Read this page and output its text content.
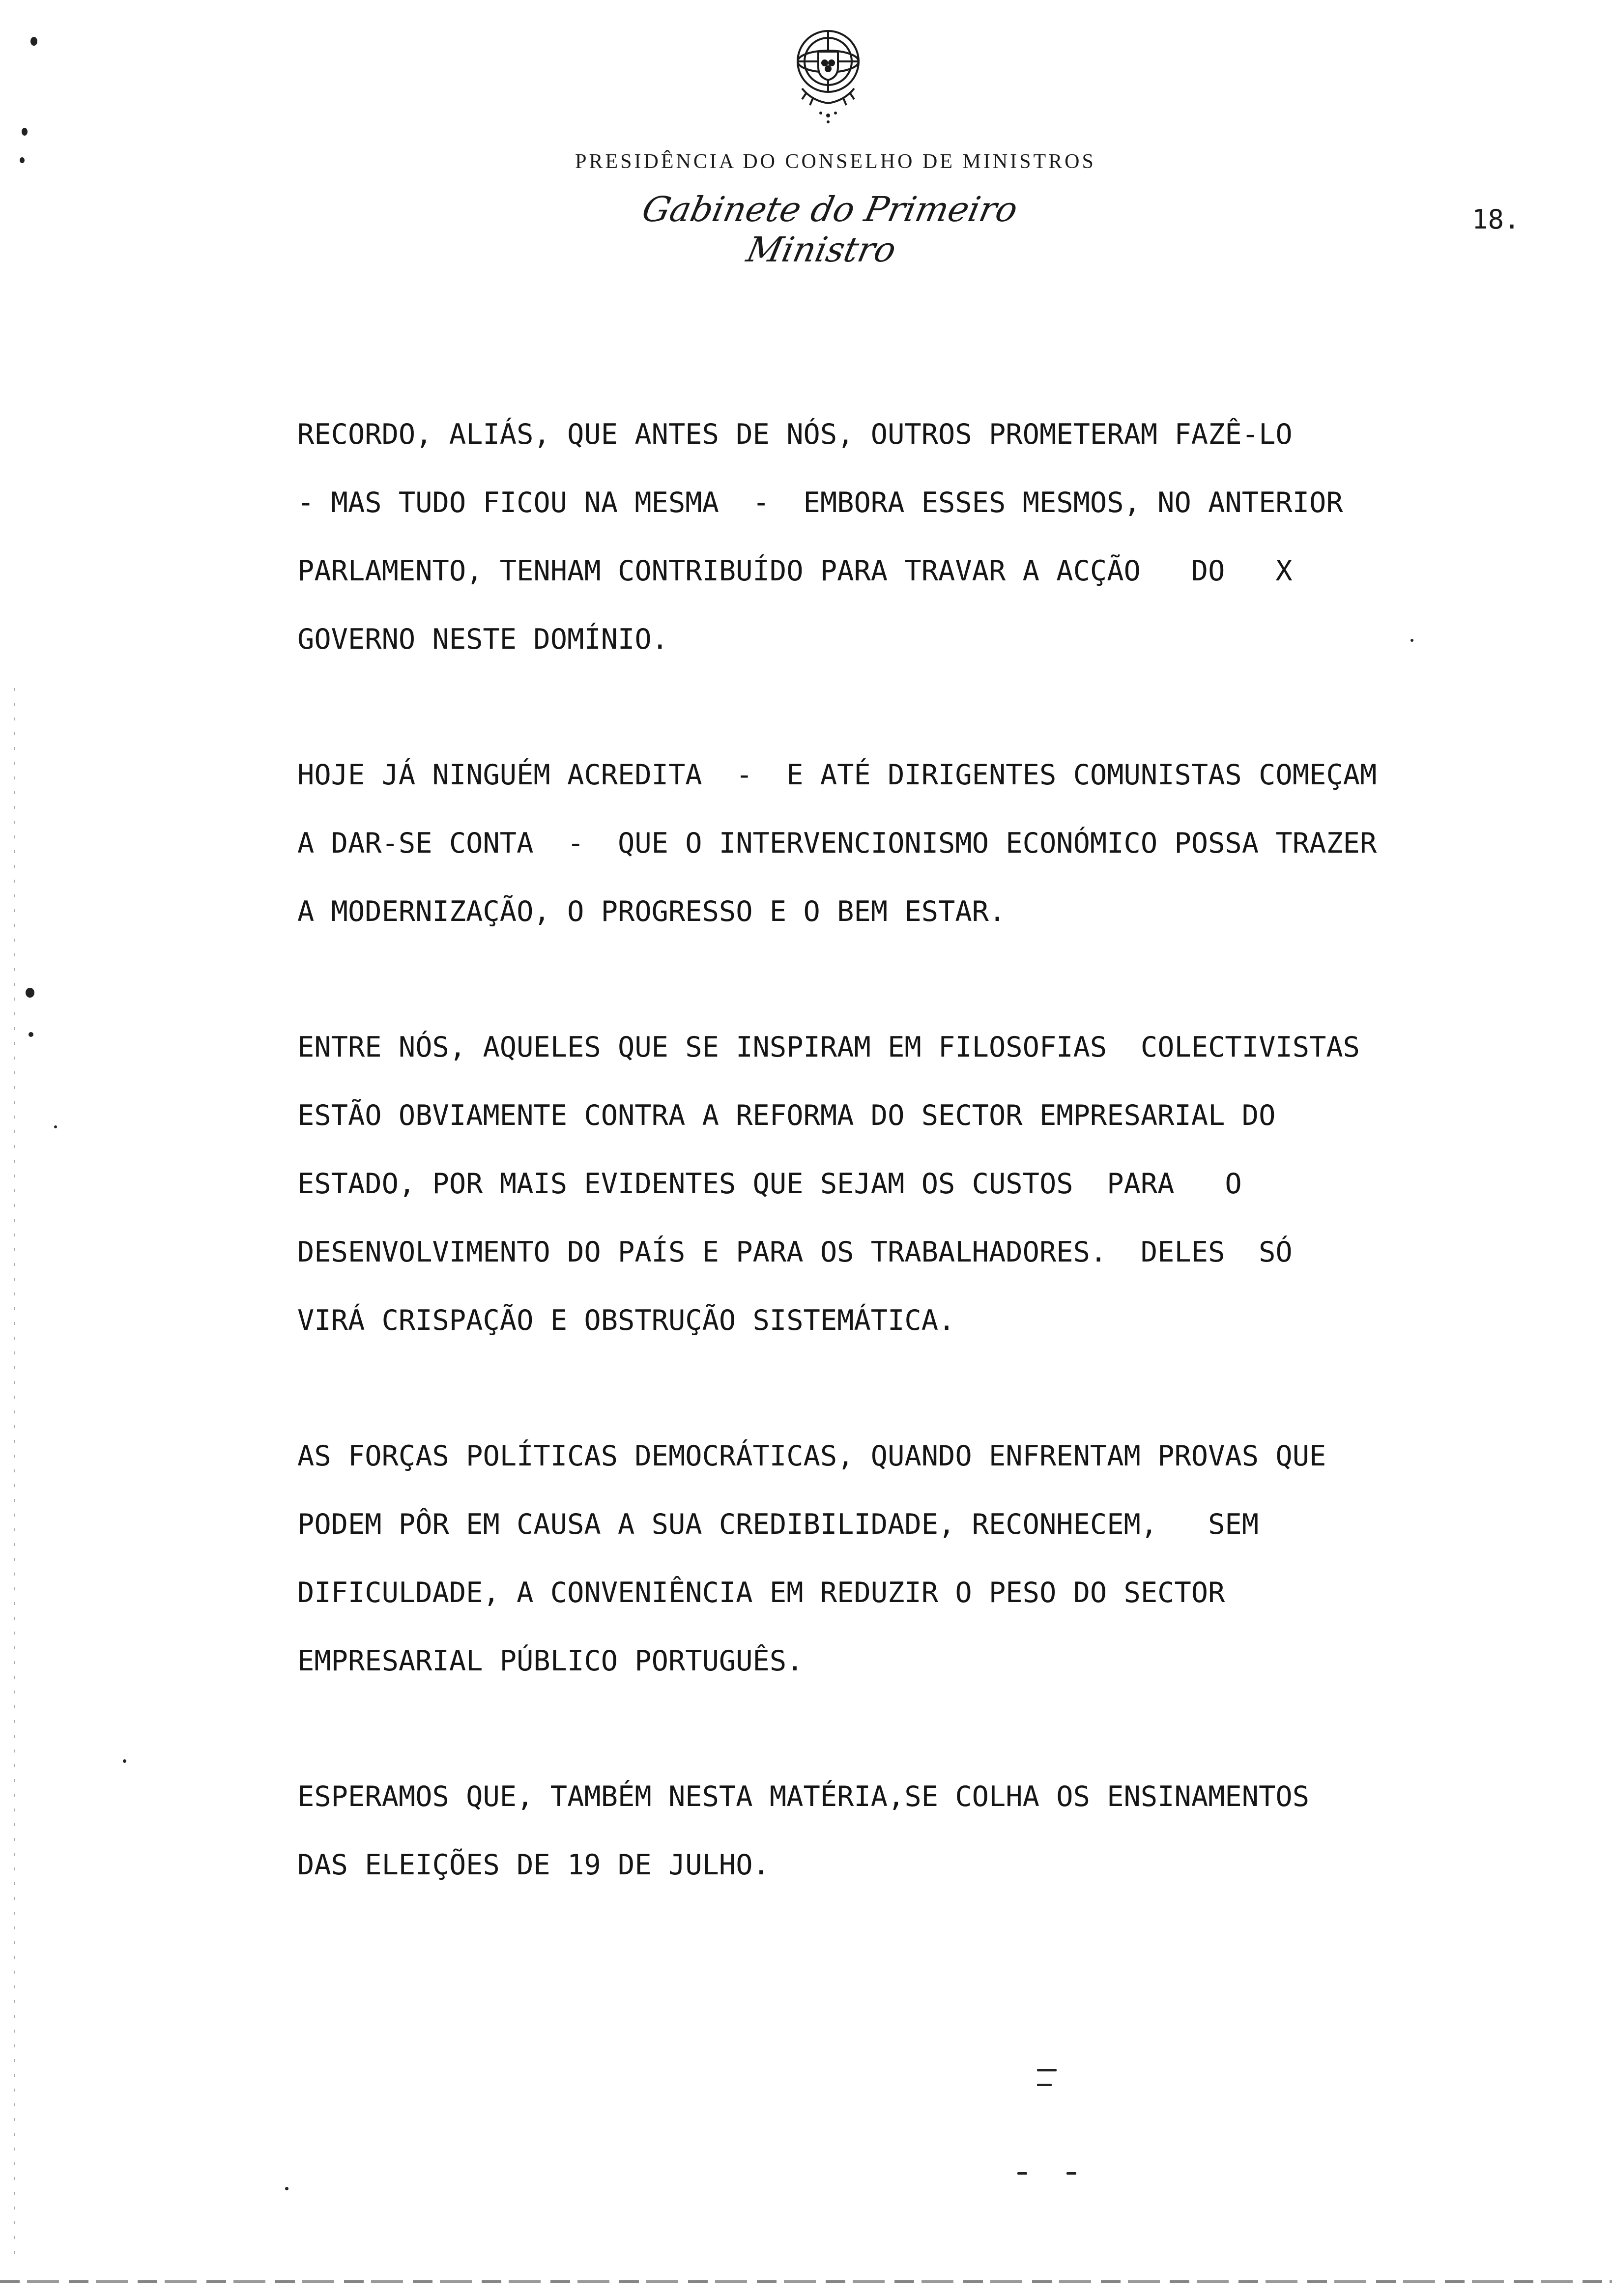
PRESIDÊNCIA DO CONSELHO DE MINISTROS
Gabinete do Primeiro Ministro
18.
RECORDO, ALIÁS, QUE ANTES DE NÓS, OUTROS PROMETERAM FAZÊ-LO
- MAS TUDO FICOU NA MESMA  -  EMBORA ESSES MESMOS, NO ANTERIOR
PARLAMENTO, TENHAM CONTRIBUÍDO PARA TRAVAR A ACÇÃO   DO   X
GOVERNO NESTE DOMÍNIO.
HOJE JÁ NINGUÉM ACREDITA  -  E ATÉ DIRIGENTES COMUNISTAS COMEÇAM
A DAR-SE CONTA  -  QUE O INTERVENCIONISMO ECONÓMICO POSSA TRAZER
A MODERNIZAÇÃO, O PROGRESSO E O BEM ESTAR.
ENTRE NÓS, AQUELES QUE SE INSPIRAM EM FILOSOFIAS  COLECTIVISTAS
ESTÃO OBVIAMENTE CONTRA A REFORMA DO SECTOR EMPRESARIAL DO
ESTADO, POR MAIS EVIDENTES QUE SEJAM OS CUSTOS  PARA   O
DESENVOLVIMENTO DO PAÍS E PARA OS TRABALHADORES.  DELES  SÓ
VIRÁ CRISPAÇÃO E OBSTRUÇÃO SISTEMÁTICA.
AS FORÇAS POLÍTICAS DEMOCRÁTICAS, QUANDO ENFRENTAM PROVAS QUE
PODEM PÔR EM CAUSA A SUA CREDIBILIDADE, RECONHECEM,   SEM
DIFICULDADE, A CONVENIÊNCIA EM REDUZIR O PESO DO SECTOR
EMPRESARIAL PÚBLICO PORTUGUÊS.
ESPERAMOS QUE, TAMBÉM NESTA MATÉRIA,SE COLHA OS ENSINAMENTOS
DAS ELEIÇÕES DE 19 DE JULHO.
